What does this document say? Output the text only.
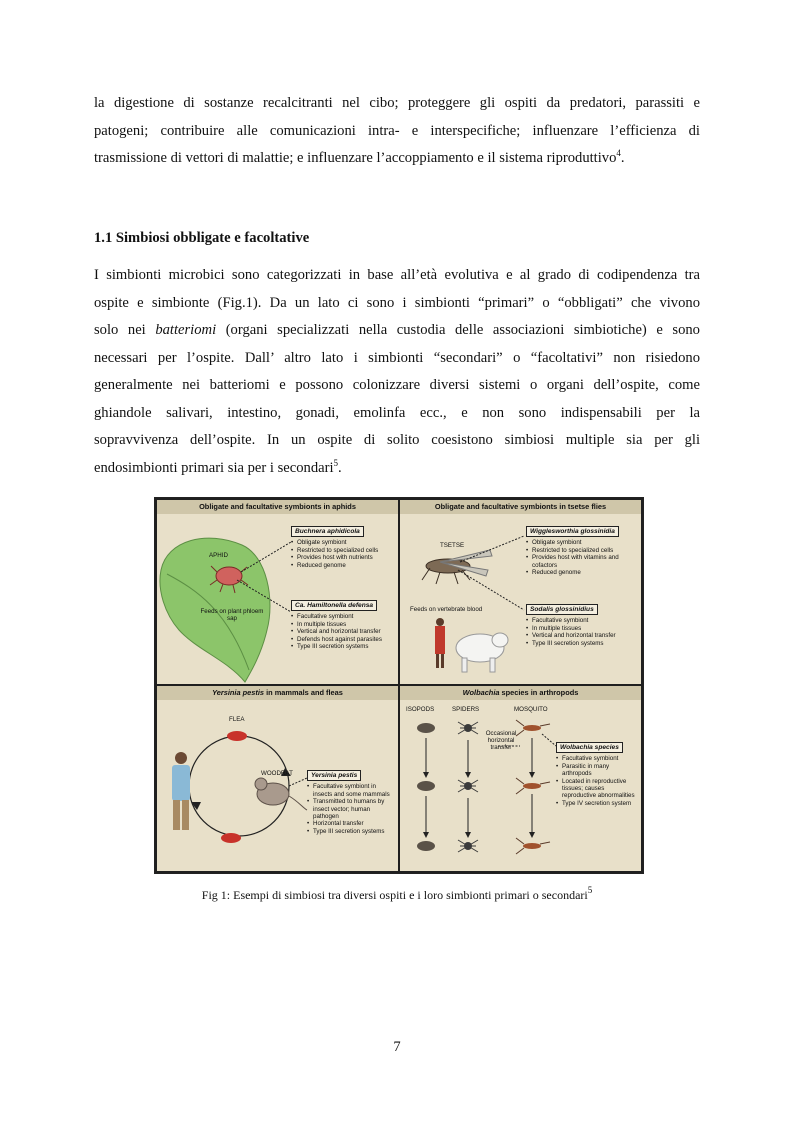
la digestione di sostanze recalcitranti nel cibo; proteggere gli ospiti da predatori, parassiti e
patogeni; contribuire alle comunicazioni intra- e interspecifiche; influenzare l’efficienza di
trasmissione di vettori di malattie; e influenzare l’accoppiamento e il sistema riproduttivo$^4$.
1.1 Simbiosi obbligate e facoltative
I simbionti microbici sono categorizzati in base all’età evolutiva e al grado di codipendenza tra
ospite e simbionte (Fig.1). Da un lato ci sono i simbionti “primari” o “obbligati” che vivono
solo nei batteriomi (organi specializzati nella custodia delle associazioni simbiotiche) e sono
necessari per l’ospite. Dall’ altro lato i simbionti “secondari” o “facoltativi” non risiedono
generalmente nei batteriomi e possono colonizzare diversi sistemi o organi dell’ospite, come
ghiandole salivari, intestino, gonadi, emolinfa ecc., e non sono indispensabili per la
sopravvivenza dell’ospite. In un ospite di solito coesistono simbiosi multiple sia per gli
endosimbionti primari sia per i secondari$^5$.
Obligate and facultative symbionts in aphids
APHID
Feeds on plant phloem sap
Buchnera aphidicola
• Obligate symbiont
• Restricted to specialized cells
• Provides host with nutrients
• Reduced genome
Ca. Hamiltonella defensa
• Facultative symbiont
• In multiple tissues
• Vertical and horizontal transfer
• Defends host against parasites
• Type III secretion systems
Obligate and facultative symbionts in tsetse flies
TSETSE
Feeds on vertebrate blood
Wigglesworthia glossinidia
• Obligate symbiont
• Restricted to specialized cells
• Provides host with vitamins and cofactors
• Reduced genome
Sodalis glossinidius
• Facultative symbiont
• In multiple tissues
• Vertical and horizontal transfer
• Type III secretion systems
Yersinia pestis in mammals and fleas
FLEA
WOODRAT	Yersinia pestis
• Facultative symbiont in insects and some mammals
• Transmitted to humans by insect vector; human pathogen
• Horizontal transfer
• Type III secretion systems
Wolbachia species in arthropods
ISOPODS	SPIDERS	MOSQUITO
Occasional horizontal transfer	Wolbachia species
• Facultative symbiont
• Parasitic in many arthropods
• Located in reproductive tissues; causes reproductive abnormalities
• Type IV secretion system

Fig 1: Esempi di simbiosi tra diversi ospiti e i loro simbionti primari o secondari$^5$

7
